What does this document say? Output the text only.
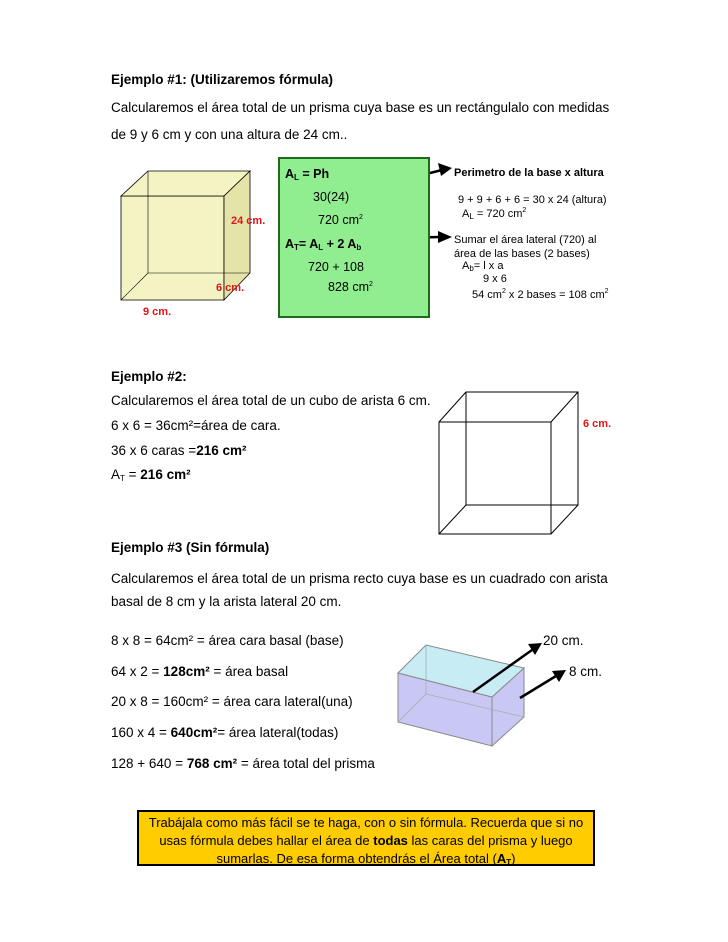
Ejemplo #1: (Utilizaremos fórmula)
Calcularemos el área total de un prisma cuya base es un rectángulalo con medidas
de 9 y 6 cm y con una altura de 24 cm..
24 cm.
6 cm.
9 cm.
$A_L = Ph$
30(24)
720 $cm^2$
$A_T= A_L + 2$ $A_b$
720 + 108
828 $cm^2$
Perimetro de la base x altura
9 + 9 + 6 + 6 = 30 x 24 (altura)
$A_L = 720$ $cm^2$
Sumar el área lateral (720) al
área de las bases (2 bases)
$A_b= l$ x a
9 x 6
54 $cm^2$ x 2 bases = 108 $cm^2$
Ejemplo #2:
Calcularemos el área total de un cubo de arista 6 cm.
6 x 6 = 36cm²=área de cara.
36 x 6 caras =216 cm²
$A_T = 216$ cm²
6 cm.
Ejemplo #3 (Sin fórmula)
Calcularemos el área total de un prisma recto cuya base es un cuadrado con arista
basal de 8 cm y la arista lateral 20 cm.
8 x 8 = 64cm² = área cara basal (base)
64 x 2 = 128cm² = área basal
20 x 8 = 160cm² = área cara lateral(una)
160 x 4 = 640cm²= área lateral(todas)
128 + 640 = 768 cm² = área total del prisma
20 cm.
8 cm.
Trabájala como más fácil se te haga, con o sin fórmula. Recuerda que si no usas fórmula debes hallar el área de todas las caras del prisma y luego sumarlas. De esa forma obtendrás el Área total $(A_T)$
